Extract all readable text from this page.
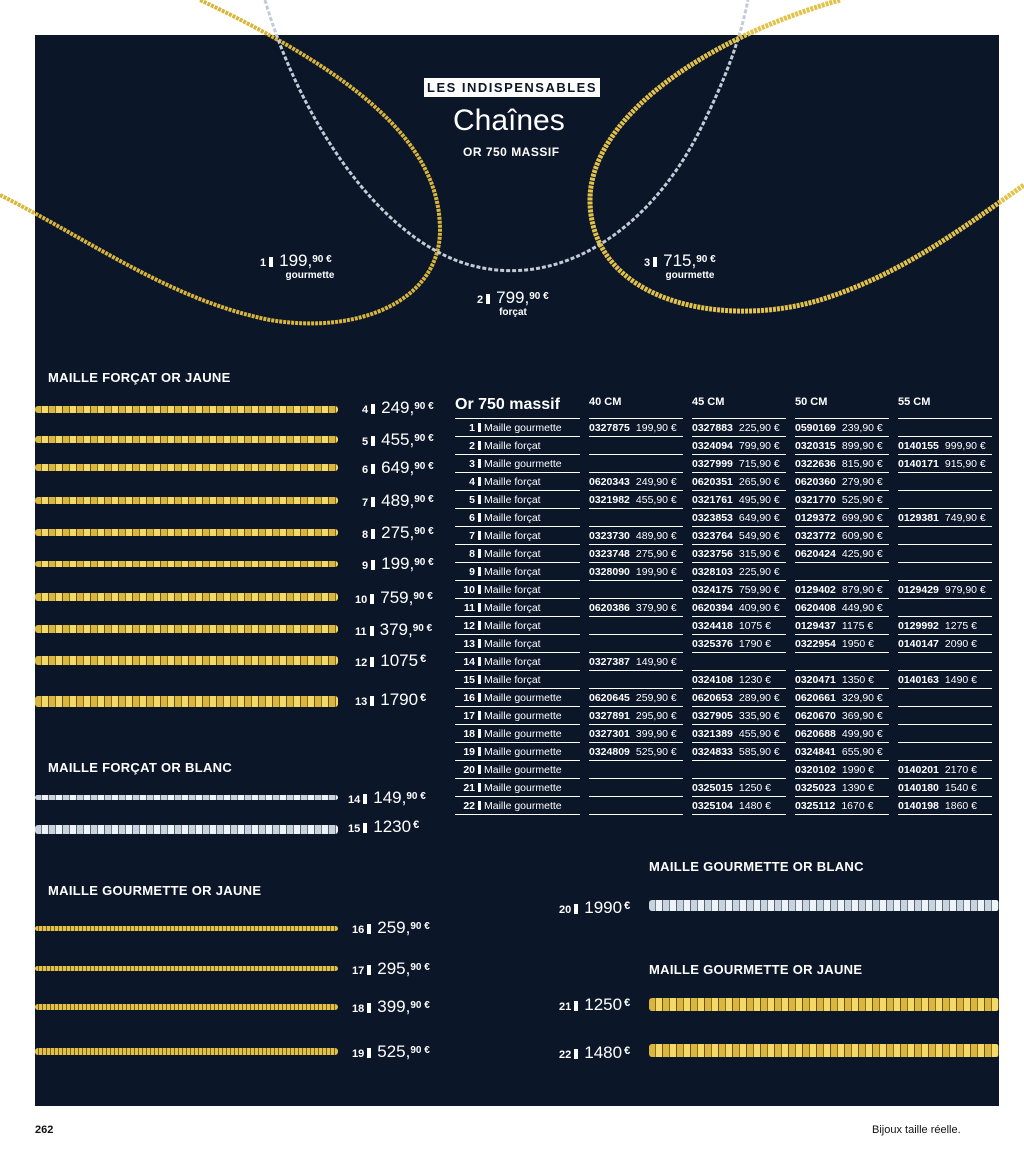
LES INDISPENSABLES
Chaînes
OR 750 MASSIF
1 199,$^{90 €}$
gourmette
2 799,$^{90 €}$
forçat
3 715,$^{90 €}$
gourmette
MAILLE FORÇAT OR JAUNE
MAILLE FORÇAT OR BLANC
MAILLE GOURMETTE OR JAUNE
MAILLE GOURMETTE OR BLANC
MAILLE GOURMETTE OR JAUNE
4 249,$^{90 €}$
5 455,$^{90 €}$
6 649,$^{90 €}$
7 489,$^{90 €}$
8 275,$^{90 €}$
9 199,$^{90 €}$
10 759,$^{90 €}$
11 379,$^{90 €}$
12 1075 €
13 1790 €
14 149,$^{90 €}$
15 1230 €
16 259,$^{90 €}$
17 295,$^{90 €}$
18 399,$^{90 €}$
19 525,$^{90 €}$
20 1990 €
21 1250 €
22 1480 €
Or 750 massif		40 CM		45 CM		50 CM		55 CM
1 Maille gourmette		0327875 199,90 €		0327883 225,90 €		0590169 239,90 €		
2 Maille forçat				0324094 799,90 €		0320315 899,90 €		0140155 999,90 €
3 Maille gourmette				0327999 715,90 €		0322636 815,90 €		0140171 915,90 €
4 Maille forçat		0620343 249,90 €		0620351 265,90 €		0620360 279,90 €		
5 Maille forçat		0321982 455,90 €		0321761 495,90 €		0321770 525,90 €		
6 Maille forçat				0323853 649,90 €		0129372 699,90 €		0129381 749,90 €
7 Maille forçat		0323730 489,90 €		0323764 549,90 €		0323772 609,90 €		
8 Maille forçat		0323748 275,90 €		0323756 315,90 €		0620424 425,90 €		
9 Maille forçat		0328090 199,90 €		0328103 225,90 €				
10 Maille forçat				0324175 759,90 €		0129402 879,90 €		0129429 979,90 €
11 Maille forçat		0620386 379,90 €		0620394 409,90 €		0620408 449,90 €		
12 Maille forçat				0324418 1075 €		0129437 1175 €		0129992 1275 €
13 Maille forçat				0325376 1790 €		0322954 1950 €		0140147 2090 €
14 Maille forçat		0327387 149,90 €						
15 Maille forçat				0324108 1230 €		0320471 1350 €		0140163 1490 €
16 Maille gourmette		0620645 259,90 €		0620653 289,90 €		0620661 329,90 €		
17 Maille gourmette		0327891 295,90 €		0327905 335,90 €		0620670 369,90 €		
18 Maille gourmette		0327301 399,90 €		0321389 455,90 €		0620688 499,90 €		
19 Maille gourmette		0324809 525,90 €		0324833 585,90 €		0324841 655,90 €		
20 Maille gourmette						0320102 1990 €		0140201 2170 €
21 Maille gourmette				0325015 1250 €		0325023 1390 €		0140180 1540 €
22 Maille gourmette				0325104 1480 €		0325112 1670 €		0140198 1860 €
262	Bijoux taille réelle.
